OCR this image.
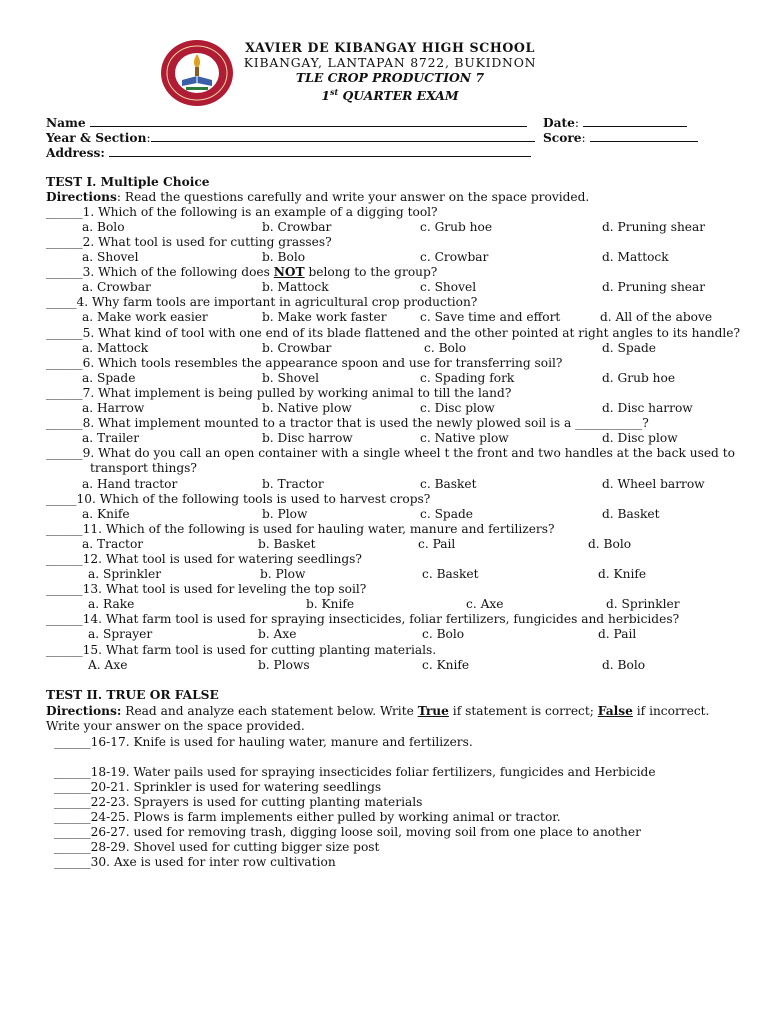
XAVIER DE KIBANGAY HIGH SCHOOL
KIBANGAY, LANTAPAN 8722, BUKIDNON
TLE CROP PRODUCTION 7
1st QUARTER EXAM
Name	Date:
Year & Section:	Score:
Address:
TEST I. Multiple Choice
Directions: Read the questions carefully and write your answer on the space provided.
______1. Which of the following is an example of a digging tool?
a. Bolo	b. Crowbar	c. Grub hoe	d. Pruning shear
______2. What tool is used for cutting grasses?
a. Shovel	b. Bolo	c. Crowbar	d. Mattock
______3. Which of the following does NOT belong to the group?
a. Crowbar	b. Mattock	c. Shovel	d. Pruning shear
_____4. Why farm tools are important in agricultural crop production?
a. Make work easier	b. Make work faster	c. Save time and effort	d. All of the above
______5. What kind of tool with one end of its blade flattened and the other pointed at right angles to its handle?
a. Mattock	b. Crowbar	c. Bolo	d. Spade
______6. Which tools resembles the appearance spoon and use for transferring soil?
a. Spade	b. Shovel	c. Spading fork	d. Grub hoe
______7. What implement is being pulled by working animal to till the land?
a. Harrow	b. Native plow	c. Disc plow	d. Disc harrow
______8. What implement mounted to a tractor that is used the newly plowed soil is a ___________?
a. Trailer	b. Disc harrow	c. Native plow	d. Disc plow
______9. What do you call an open container with a single wheel t the front and two handles at the back used to
transport things?
a. Hand tractor	b. Tractor	c. Basket	d. Wheel barrow
_____10. Which of the following tools is used to harvest crops?
a. Knife	b. Plow	c. Spade	d. Basket
______11. Which of the following is used for hauling water, manure and fertilizers?
a. Tractor	b. Basket	c. Pail	d. Bolo
______12. What tool is used for watering seedlings?
a. Sprinkler	b. Plow	c. Basket	d. Knife
______13. What tool is used for leveling the top soil?
a. Rake	b. Knife	c. Axe	d. Sprinkler
______14. What farm tool is used for spraying insecticides, foliar fertilizers, fungicides and herbicides?
a. Sprayer	b. Axe	c. Bolo	d. Pail
______15. What farm tool is used for cutting planting materials.
A. Axe	b. Plows	c. Knife	d. Bolo
TEST II. TRUE OR FALSE
Directions: Read and analyze each statement below. Write True if statement is correct; False if incorrect.
Write your answer on the space provided.
______16-17. Knife is used for hauling water, manure and fertilizers.
______18-19. Water pails used for spraying insecticides foliar fertilizers, fungicides and Herbicide
______20-21. Sprinkler is used for watering seedlings
______22-23. Sprayers is used for cutting planting materials
______24-25. Plows is farm implements either pulled by working animal or tractor.
______26-27. used for removing trash, digging loose soil, moving soil from one place to another
______28-29. Shovel used for cutting bigger size post
______30. Axe is used for inter row cultivation
